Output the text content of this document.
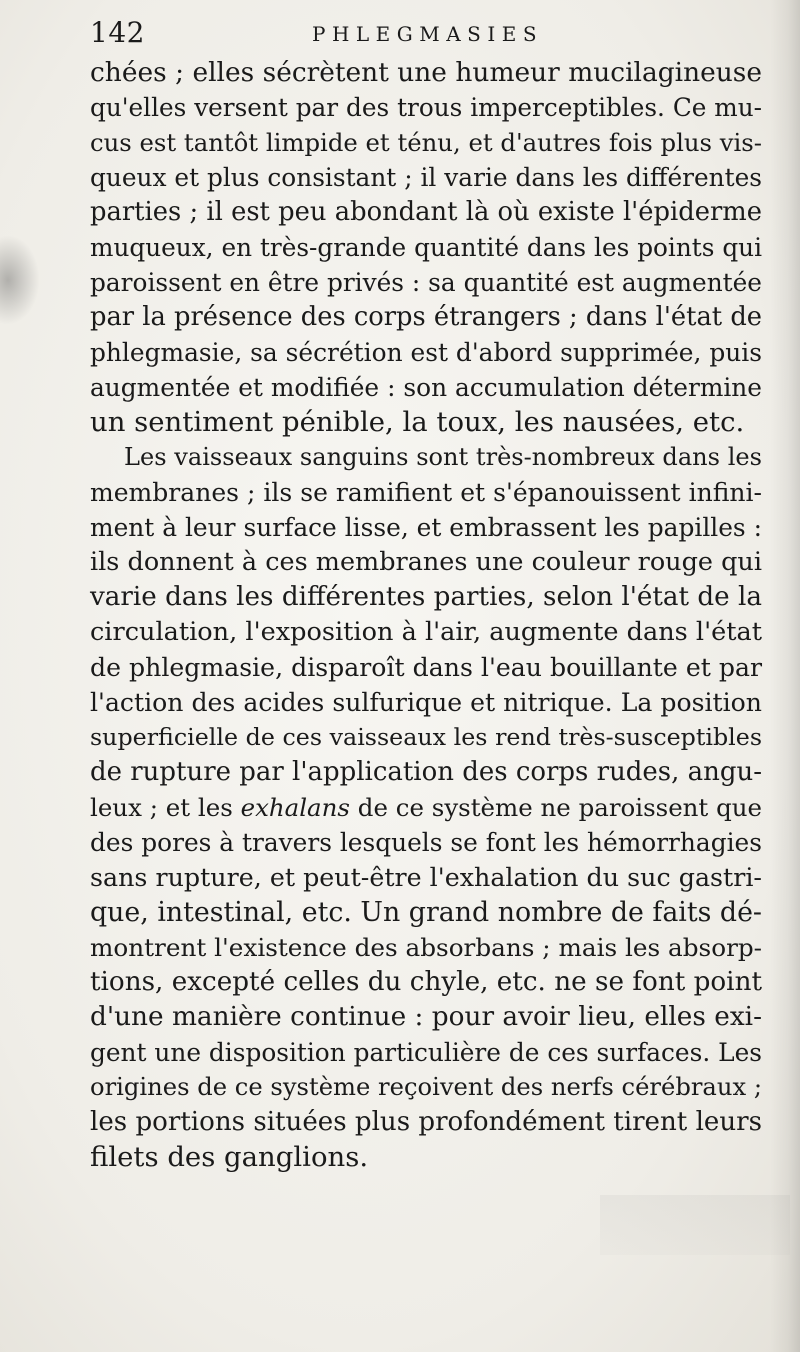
142	PHLEGMASIES
chées ; elles sécrètent une humeur mucilagineuse
qu'elles versent par des trous imperceptibles. Ce mu-
cus est tantôt limpide et ténu, et d'autres fois plus vis-
queux et plus consistant ; il varie dans les différentes
parties ; il est peu abondant là où existe l'épiderme
muqueux, en très-grande quantité dans les points qui
paroissent en être privés : sa quantité est augmentée
par la présence des corps étrangers ; dans l'état de
phlegmasie, sa sécrétion est d'abord supprimée, puis
augmentée et modifiée : son accumulation détermine
un sentiment pénible, la toux, les nausées, etc.
Les vaisseaux sanguins sont très-nombreux dans les
membranes ; ils se ramifient et s'épanouissent infini-
ment à leur surface lisse, et embrassent les papilles :
ils donnent à ces membranes une couleur rouge qui
varie dans les différentes parties, selon l'état de la
circulation, l'exposition à l'air, augmente dans l'état
de phlegmasie, disparoît dans l'eau bouillante et par
l'action des acides sulfurique et nitrique. La position
superficielle de ces vaisseaux les rend très-susceptibles
de rupture par l'application des corps rudes, angu-
leux ; et les exhalans de ce système ne paroissent que
des pores à travers lesquels se font les hémorrhagies
sans rupture, et peut-être l'exhalation du suc gastri-
que, intestinal, etc. Un grand nombre de faits dé-
montrent l'existence des absorbans ; mais les absorp-
tions, excepté celles du chyle, etc. ne se font point
d'une manière continue : pour avoir lieu, elles exi-
gent une disposition particulière de ces surfaces. Les
origines de ce système reçoivent des nerfs cérébraux ;
les portions situées plus profondément tirent leurs
filets des ganglions.
